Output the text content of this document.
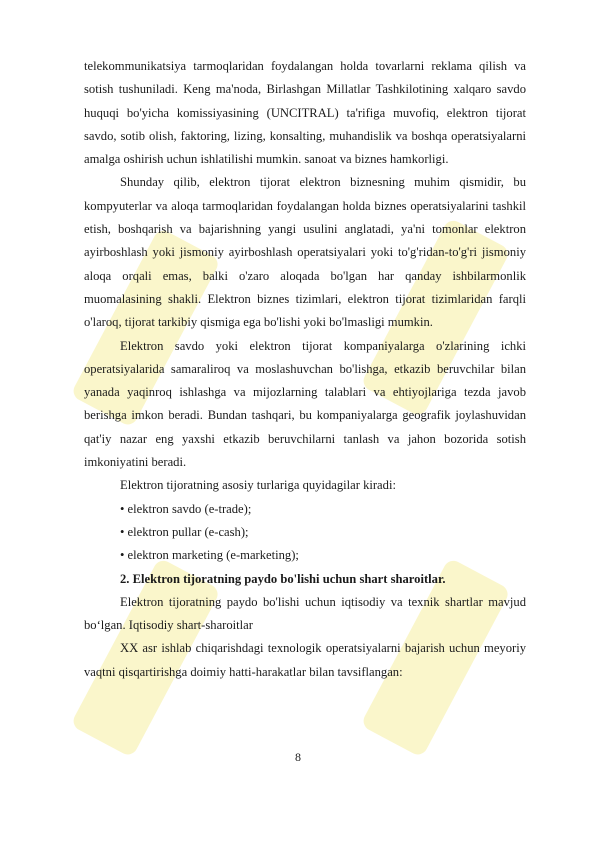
telekommunikatsiya tarmoqlaridan foydalangan holda tovarlarni reklama qilish va sotish tushuniladi. Keng ma'noda, Birlashgan Millatlar Tashkilotining xalqaro savdo huquqi bo'yicha komissiyasining (UNCITRAL) ta'rifiga muvofiq, elektron tijorat savdo, sotib olish, faktoring, lizing, konsalting, muhandislik va boshqa operatsiyalarni amalga oshirish uchun ishlatilishi mumkin. sanoat va biznes hamkorligi.

Shunday qilib, elektron tijorat elektron biznesning muhim qismidir, bu kompyuterlar va aloqa tarmoqlaridan foydalangan holda biznes operatsiyalarini tashkil etish, boshqarish va bajarishning yangi usulini anglatadi, ya'ni tomonlar elektron ayirboshlash yoki jismoniy ayirboshlash operatsiyalari yoki to'g'ridan-to'g'ri jismoniy aloqa orqali emas, balki o'zaro aloqada bo'lgan har qanday ishbilarmonlik muomalasining shakli. Elektron biznes tizimlari, elektron tijorat tizimlaridan farqli o'laroq, tijorat tarkibiy qismiga ega bo'lishi yoki bo'lmasligi mumkin.

Elektron savdo yoki elektron tijorat kompaniyalarga o'zlarining ichki operatsiyalarida samaraliroq va moslashuvchan bo'lishga, etkazib beruvchilar bilan yanada yaqinroq ishlashga va mijozlarning talablari va ehtiyojlariga tezda javob berishga imkon beradi. Bundan tashqari, bu kompaniyalarga geografik joylashuvidan qat'iy nazar eng yaxshi etkazib beruvchilarni tanlash va jahon bozorida sotish imkoniyatini beradi.

Elektron tijoratning asosiy turlariga quyidagilar kiradi:

• elektron savdo (e-trade);

• elektron pullar (e-cash);

• elektron marketing (e-marketing);

2. Elektron tijoratning paydo bo'lishi uchun shart sharoitlar.

Elektron tijoratning paydo bo'lishi uchun iqtisodiy va texnik shartlar mavjud bo‘lgan. Iqtisodiy shart-sharoitlar

XX asr ishlab chiqarishdagi texnologik operatsiyalarni bajarish uchun meyoriy vaqtni qisqartirishga doimiy hatti-harakatlar bilan tavsiflangan:

8
